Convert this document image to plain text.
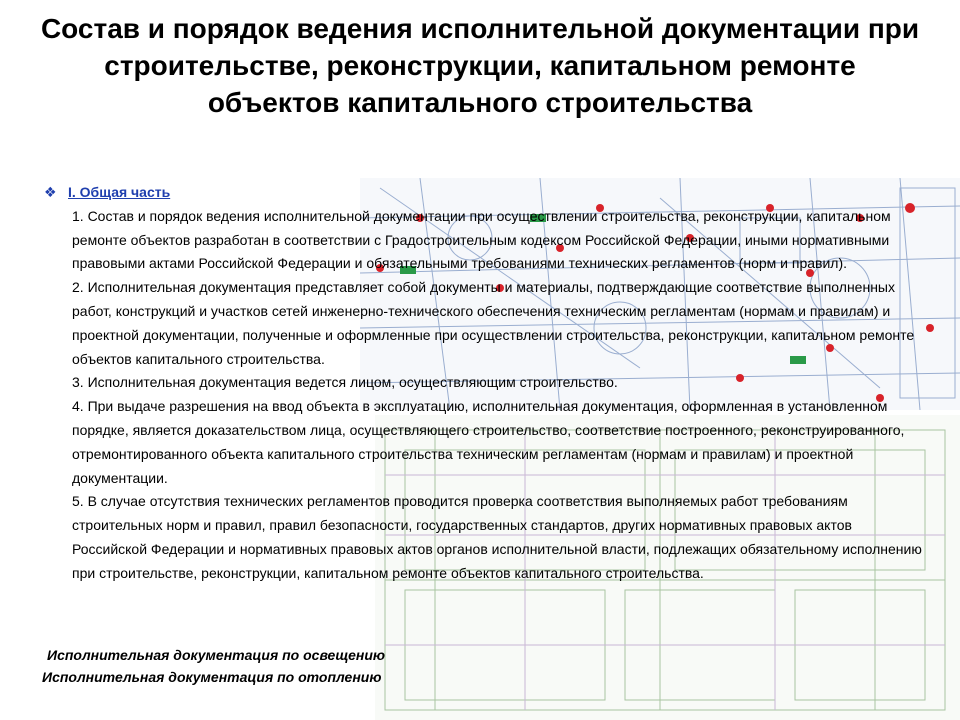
Состав и порядок ведения исполнительной документации при строительстве, реконструкции, капитальном ремонте объектов капитального строительства
❖ I. Общая часть

1. Состав и порядок ведения исполнительной документации при осуществлении строительства, реконструкции, капитальном ремонте объектов разработан в соответствии с Градостроительным кодексом Российской Федерации, иными нормативными правовыми актами Российской Федерации и обязательными требованиями технических регламентов (норм и правил).

2. Исполнительная документация представляет собой документы и материалы, подтверждающие соответствие выполненных работ, конструкций и участков сетей инженерно-технического обеспечения техническим регламентам (нормам и правилам) и проектной документации, полученные и оформленные при осуществлении строительства, реконструкции, капитальном ремонте объектов капитального строительства.

3. Исполнительная документация ведется лицом, осуществляющим строительство.

4. При выдаче разрешения на ввод объекта в эксплуатацию, исполнительная документация, оформленная в установленном порядке, является доказательством лица, осуществляющего строительство, соответствие построенного, реконструированного, отремонтированного объекта капитального строительства техническим регламентам (нормам и правилам) и проектной документации.

5. В случае отсутствия технических регламентов проводится проверка соответствия выполняемых работ требованиям строительных норм и правил, правил безопасности, государственных стандартов, других нормативных правовых актов Российской Федерации и нормативных правовых актов органов исполнительной власти, подлежащих обязательному исполнению при строительстве, реконструкции, капитальном ремонте объектов капитального строительства.

Исполнительная документация по освещению
Исполнительная документация по отоплению
